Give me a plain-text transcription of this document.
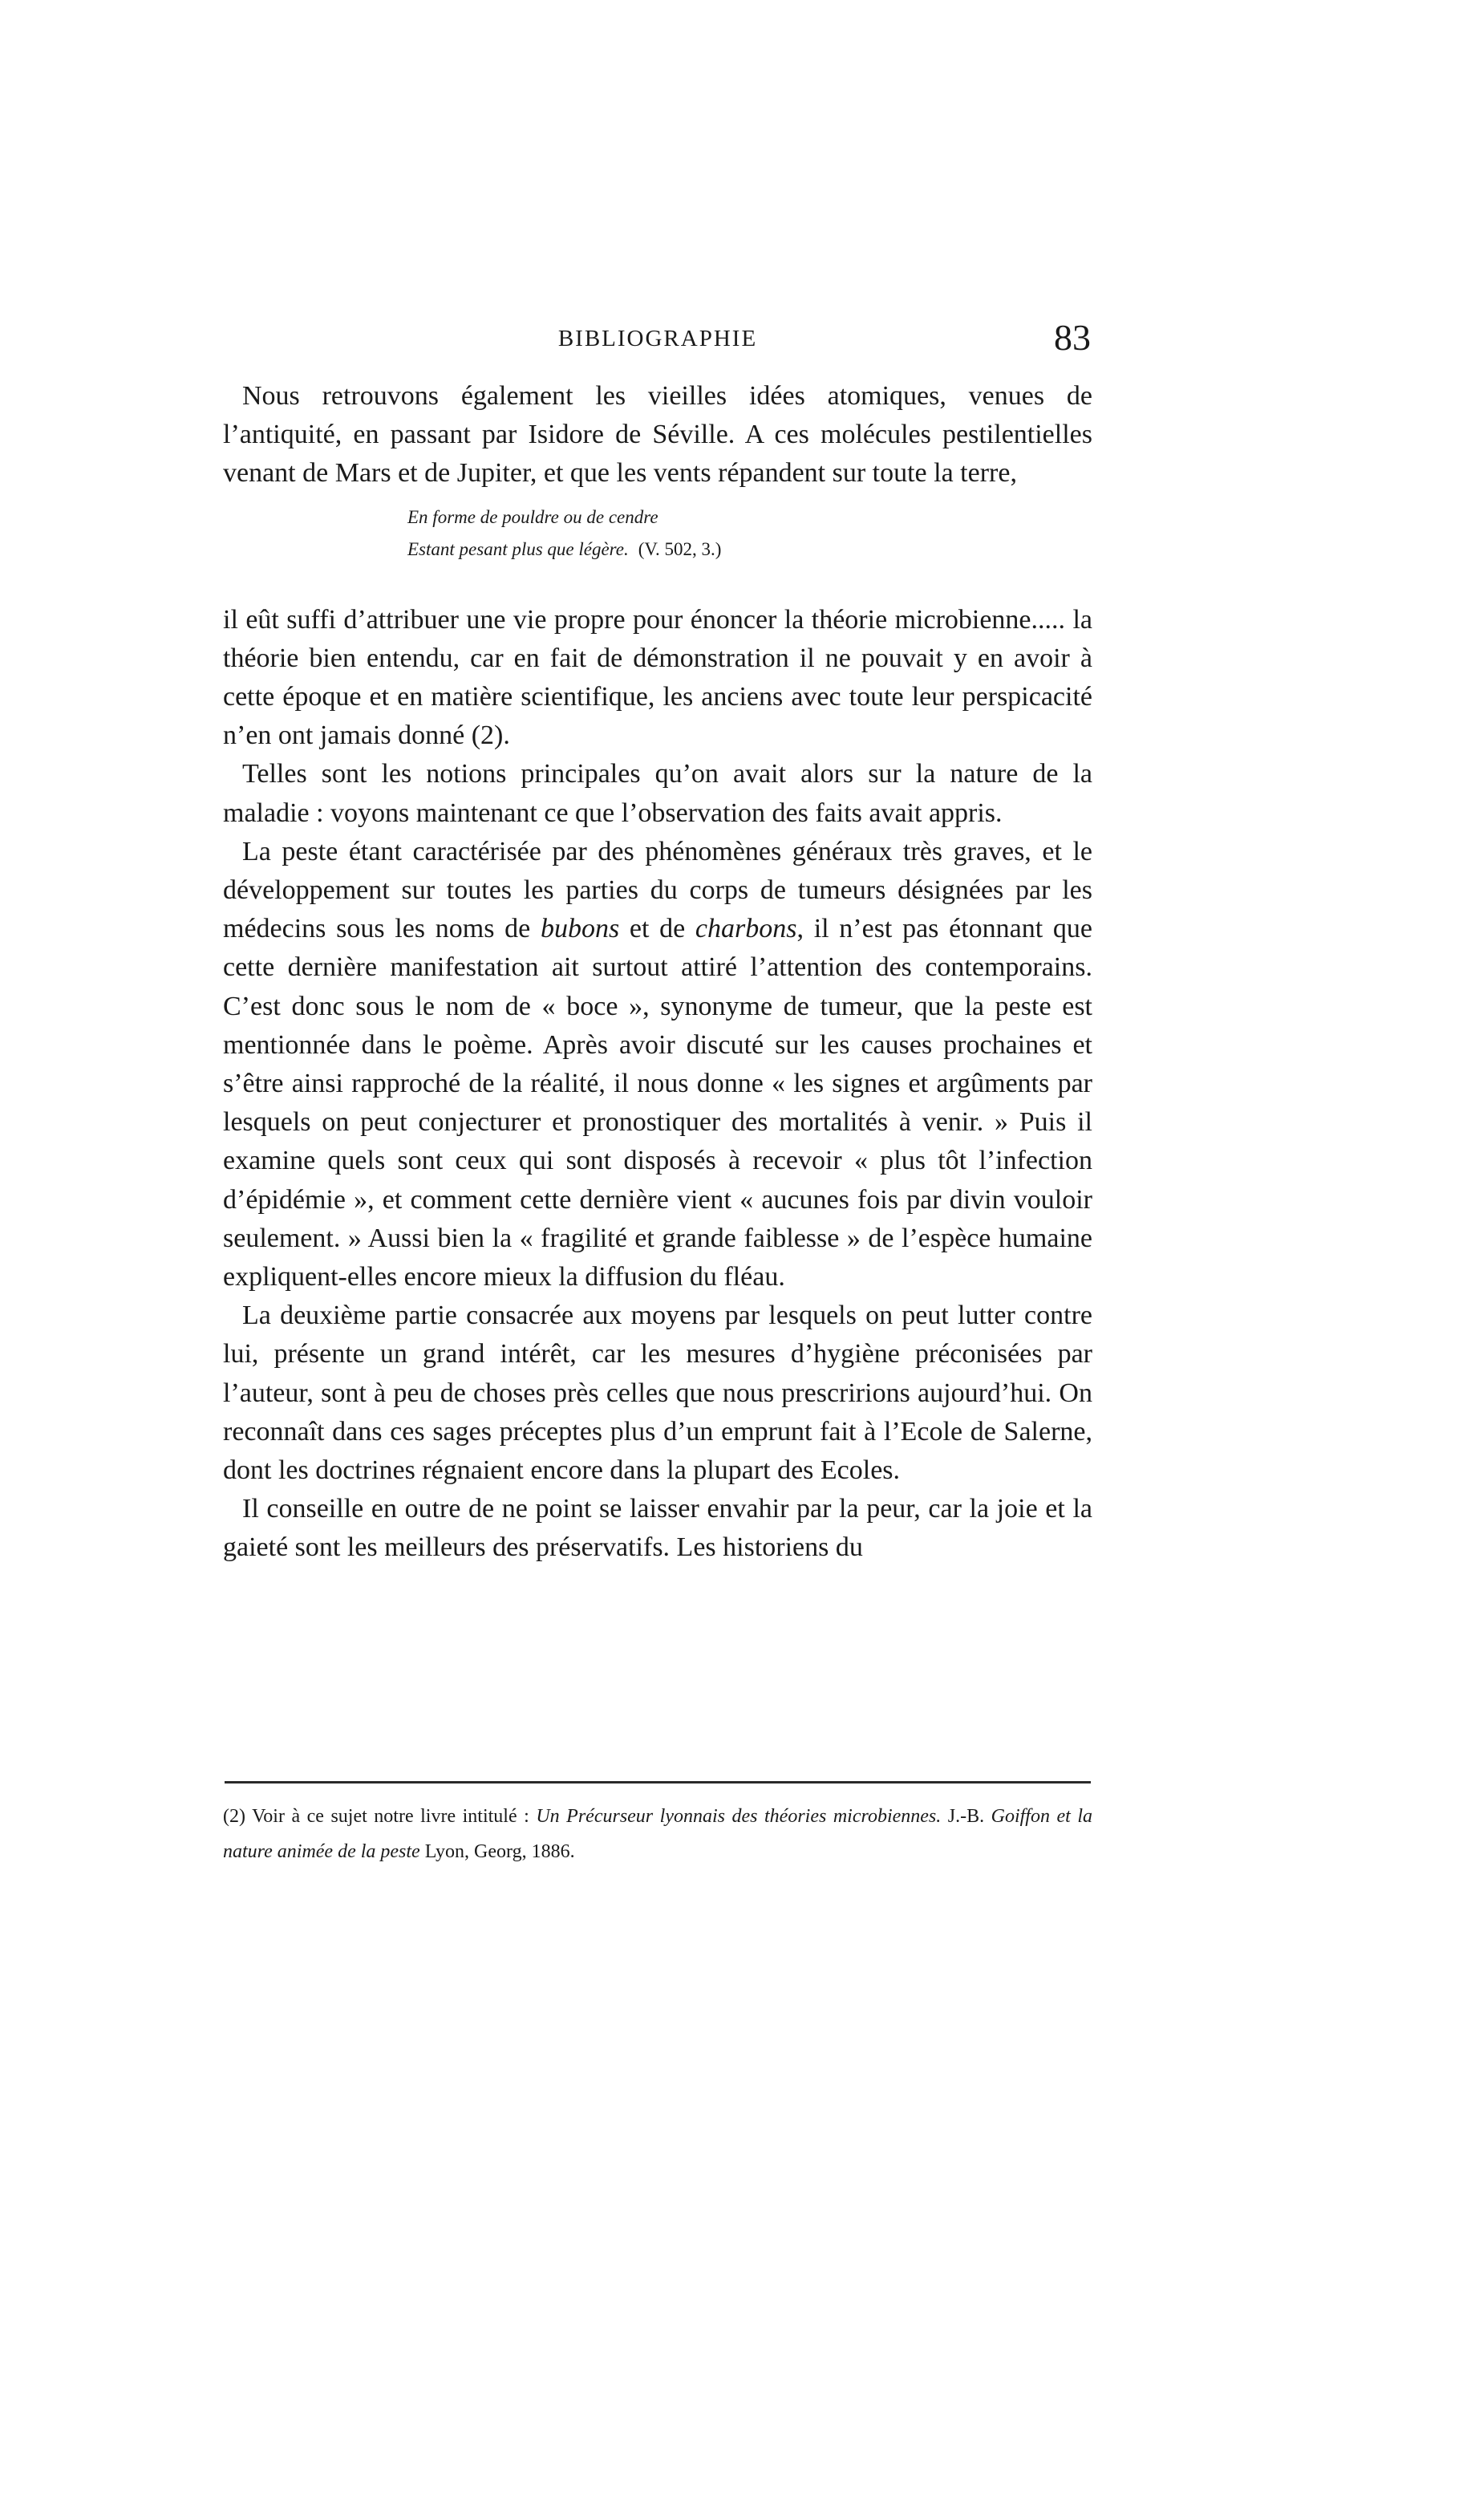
BIBLIOGRAPHIE	83

Nous retrouvons également les vieilles idées atomiques, venues de l’antiquité, en passant par Isidore de Séville. A ces molécules pestilentielles venant de Mars et de Jupiter, et que les vents répandent sur toute la terre,

En forme de pouldre ou de cendre
Estant pesant plus que légère. (V. 502, 3.)

il eût suffi d’attribuer une vie propre pour énoncer la théorie microbienne..... la théorie bien entendu, car en fait de démonstration il ne pouvait y en avoir à cette époque et en matière scientifique, les anciens avec toute leur perspicacité n’en ont jamais donné (2).

Telles sont les notions principales qu’on avait alors sur la nature de la maladie : voyons maintenant ce que l’observation des faits avait appris.

La peste étant caractérisée par des phénomènes généraux très graves, et le développement sur toutes les parties du corps de tumeurs désignées par les médecins sous les noms de bubons et de charbons, il n’est pas étonnant que cette dernière manifestation ait surtout attiré l’attention des contemporains. C’est donc sous le nom de « boce », synonyme de tumeur, que la peste est mentionnée dans le poème. Après avoir discuté sur les causes prochaines et s’être ainsi rapproché de la réalité, il nous donne « les signes et argûments par lesquels on peut conjecturer et pronostiquer des mortalités à venir. » Puis il examine quels sont ceux qui sont disposés à recevoir « plus tôt l’infection d’épidémie », et comment cette dernière vient « aucunes fois par divin vouloir seulement. » Aussi bien la « fragilité et grande faiblesse » de l’espèce humaine expliquent-elles encore mieux la diffusion du fléau.

La deuxième partie consacrée aux moyens par lesquels on peut lutter contre lui, présente un grand intérêt, car les mesures d’hygiène préconisées par l’auteur, sont à peu de choses près celles que nous prescririons aujourd’hui. On reconnaît dans ces sages préceptes plus d’un emprunt fait à l’Ecole de Salerne, dont les doctrines régnaient encore dans la plupart des Ecoles.

Il conseille en outre de ne point se laisser envahir par la peur, car la joie et la gaieté sont les meilleurs des préservatifs. Les historiens du

(2) Voir à ce sujet notre livre intitulé : Un Précurseur lyonnais des théories microbiennes. J.-B. Goiffon et la nature animée de la peste Lyon, Georg, 1886.
